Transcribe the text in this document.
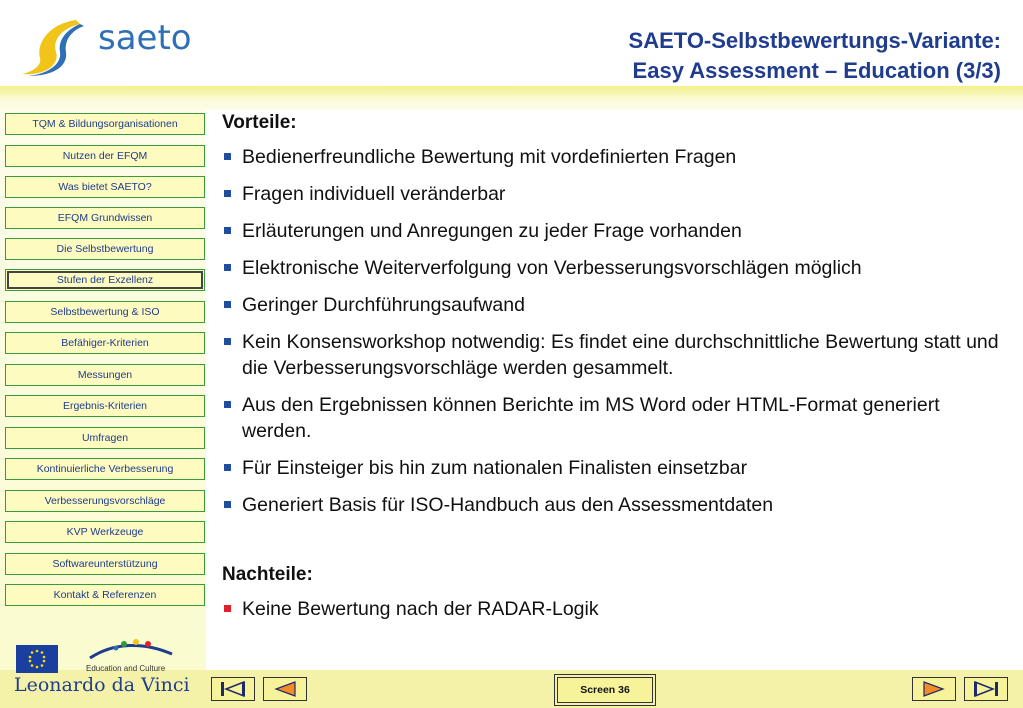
saeto	SAETO-Selbstbewertungs-Variante:
Easy Assessment – Education (3/3)
TQM & Bildungsorganisationen
Nutzen der EFQM
Was bietet SAETO?
EFQM Grundwissen
Die Selbstbewertung
Stufen der Exzellenz
Selbstbewertung & ISO
Befähiger-Kriterien
Messungen
Ergebnis-Kriterien
Umfragen
Kontinuierliche Verbesserung
Verbesserungsvorschläge
KVP Werkzeuge
Softwareunterstützung
Kontakt & Referenzen
Vorteile:
Bedienerfreundliche Bewertung mit vordefinierten Fragen
Fragen individuell veränderbar
Erläuterungen und Anregungen zu jeder Frage vorhanden
Elektronische Weiterverfolgung von Verbesserungsvorschlägen möglich
Geringer Durchführungsaufwand
Kein Konsensworkshop notwendig: Es findet eine durchschnittliche Bewertung statt und die Verbesserungsvorschläge werden gesammelt.
Aus den Ergebnissen können Berichte im MS Word oder HTML-Format generiert werden.
Für Einsteiger bis hin zum nationalen Finalisten einsetzbar
Generiert Basis für ISO-Handbuch aus den Assessmentdaten
Nachteile:
Keine Bewertung nach der RADAR-Logik
Education and Culture
Leonardo da Vinci	Screen 36
